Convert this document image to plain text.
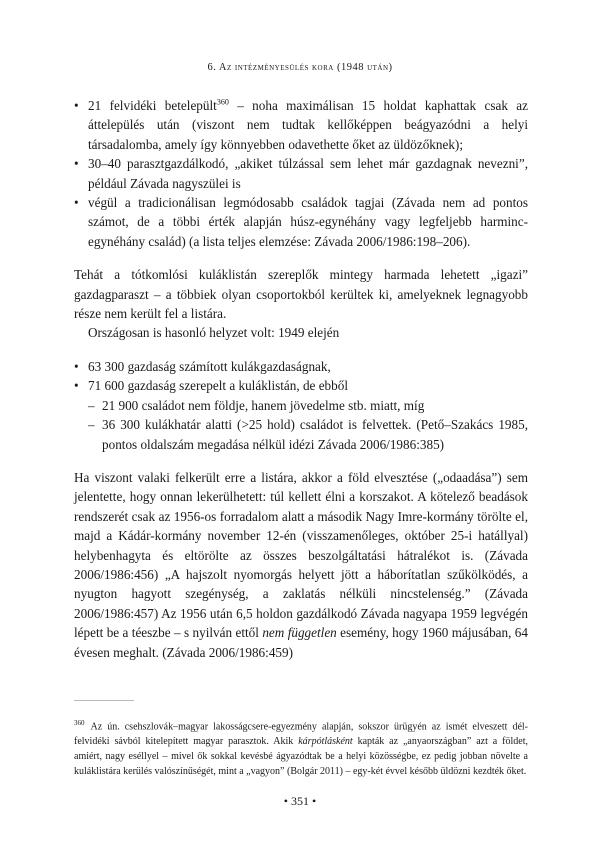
6. Az intézményesülés kora (1948 után)
• 21 felvidéki betelepült$^{360}$ – noha maximálisan 15 holdat kaphattak csak az áttelepülés után (viszont nem tudtak kellőképpen beágyazódni a helyi társadalomba, amely így könnyebben odavethette őket az üldözőknek);
• 30–40 parasztgazdálkodó, „akiket túlzással sem lehet már gazdagnak nevezni”, például Závada nagyszülei is
• végül a tradicionálisan legmódosabb családok tagjai (Závada nem ad pontos számot, de a többi érték alapján húsz-egynéhány vagy legfeljebb harminc-egynéhány család) (a lista teljes elemzése: Závada 2006/1986:198–206).

Tehát a tótkomlósi kuláklistán szereplők mintegy harmada lehetett „igazi” gazdagparaszt – a többiek olyan csoportokból kerültek ki, amelyeknek legnagyobb része nem került fel a listára.

Országosan is hasonló helyzet volt: 1949 elején

• 63 300 gazdaság számított kulákgazdaságnak,
• 71 600 gazdaság szerepelt a kuláklistán, de ebből
– 21 900 családot nem földje, hanem jövedelme stb. miatt, míg
– 36 300 kulákhatár alatti (>25 hold) családot is felvettek. (Pető–Szakács 1985, pontos oldalszám megadása nélkül idézi Závada 2006/1986:385)

Ha viszont valaki felkerült erre a listára, akkor a föld elvesztése („odaadása”) sem jelentette, hogy onnan lekerülhetett: túl kellett élni a korszakot. A kötelező beadások rendszerét csak az 1956-os forradalom alatt a második Nagy Imre-kormány törölte el, majd a Kádár-kormány november 12-én (visszamenőleges, október 25-i hatállyal) helybenhagyta és eltörölte az összes beszolgáltatási hátralékot is. (Závada 2006/1986:456) „A hajszolt nyomorgás helyett jött a háborítatlan szűkölködés, a nyugton hagyott szegénység, a zaklatás nélküli nincstelenség.” (Závada 2006/1986:457) Az 1956 után 6,5 holdon gazdálkodó Závada nagyapa 1959 legvégén lépett be a téeszbe – s nyilván ettől nem független esemény, hogy 1960 májusában, 64 évesen meghalt. (Závada 2006/1986:459)

$^{360}$ Az ún. csehszlovák–magyar lakosságcsere-egyezmény alapján, sokszor ürügyén az ismét elveszett dél-felvidéki sávból kitelepített magyar parasztok. Akik kárpótlásként kapták az „anyaországban” azt a földet, amiért, nagy eséllyel – mivel ők sokkal kevésbé ágyazódtak be a helyi közösségbe, ez pedig jobban növelte a kuláklistára kerülés valószínűségét, mint a „vagyon” (Bolgár 2011) – egy-két évvel később üldözni kezdték őket.
• 351 •
